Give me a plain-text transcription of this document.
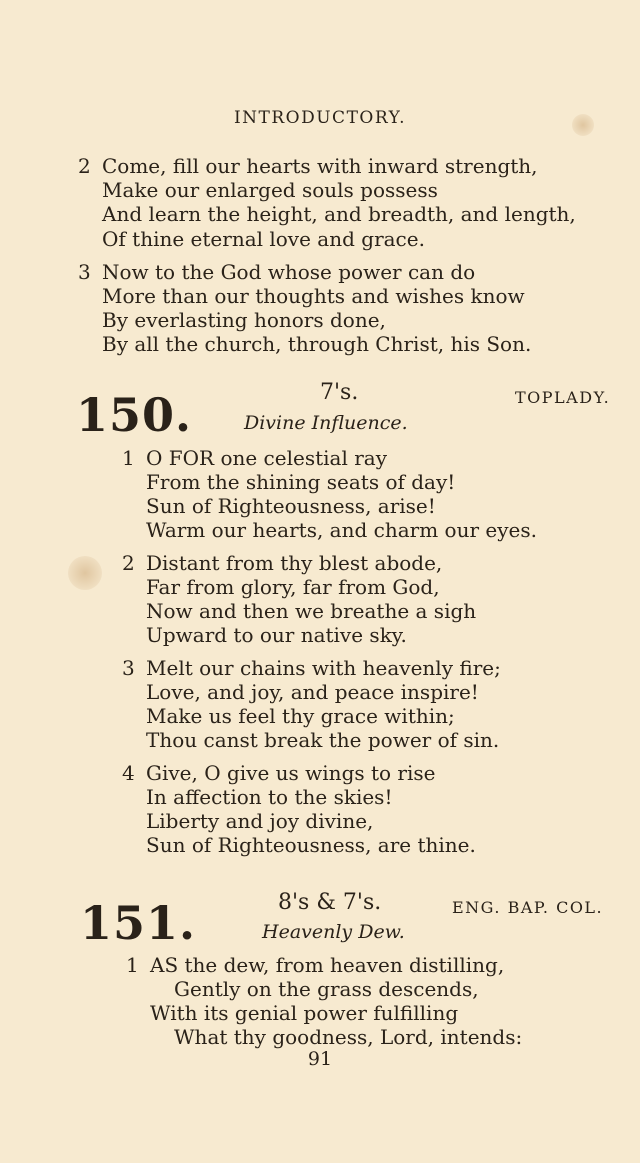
INTRODUCTORY.
2 Come, fill our hearts with inward strength,
Make our enlarged souls possess
And learn the height, and breadth, and length,
Of thine eternal love and grace.
3 Now to the God whose power can do
More than our thoughts and wishes know
By everlasting honors done,
By all the church, through Christ, his Son.
150.	7's.	TOPLADY.
Divine Influence.
1 O FOR one celestial ray
From the shining seats of day!
Sun of Righteousness, arise!
Warm our hearts, and charm our eyes.
2 Distant from thy blest abode,
Far from glory, far from God,
Now and then we breathe a sigh
Upward to our native sky.
3 Melt our chains with heavenly fire;
Love, and joy, and peace inspire!
Make us feel thy grace within;
Thou canst break the power of sin.
4 Give, O give us wings to rise
In affection to the skies!
Liberty and joy divine,
Sun of Righteousness, are thine.
151.	8's & 7's.	ENG. BAP. COL.
Heavenly Dew.
1 AS the dew, from heaven distilling,
Gently on the grass descends,
With its genial power fulfilling
What thy goodness, Lord, intends:
91
